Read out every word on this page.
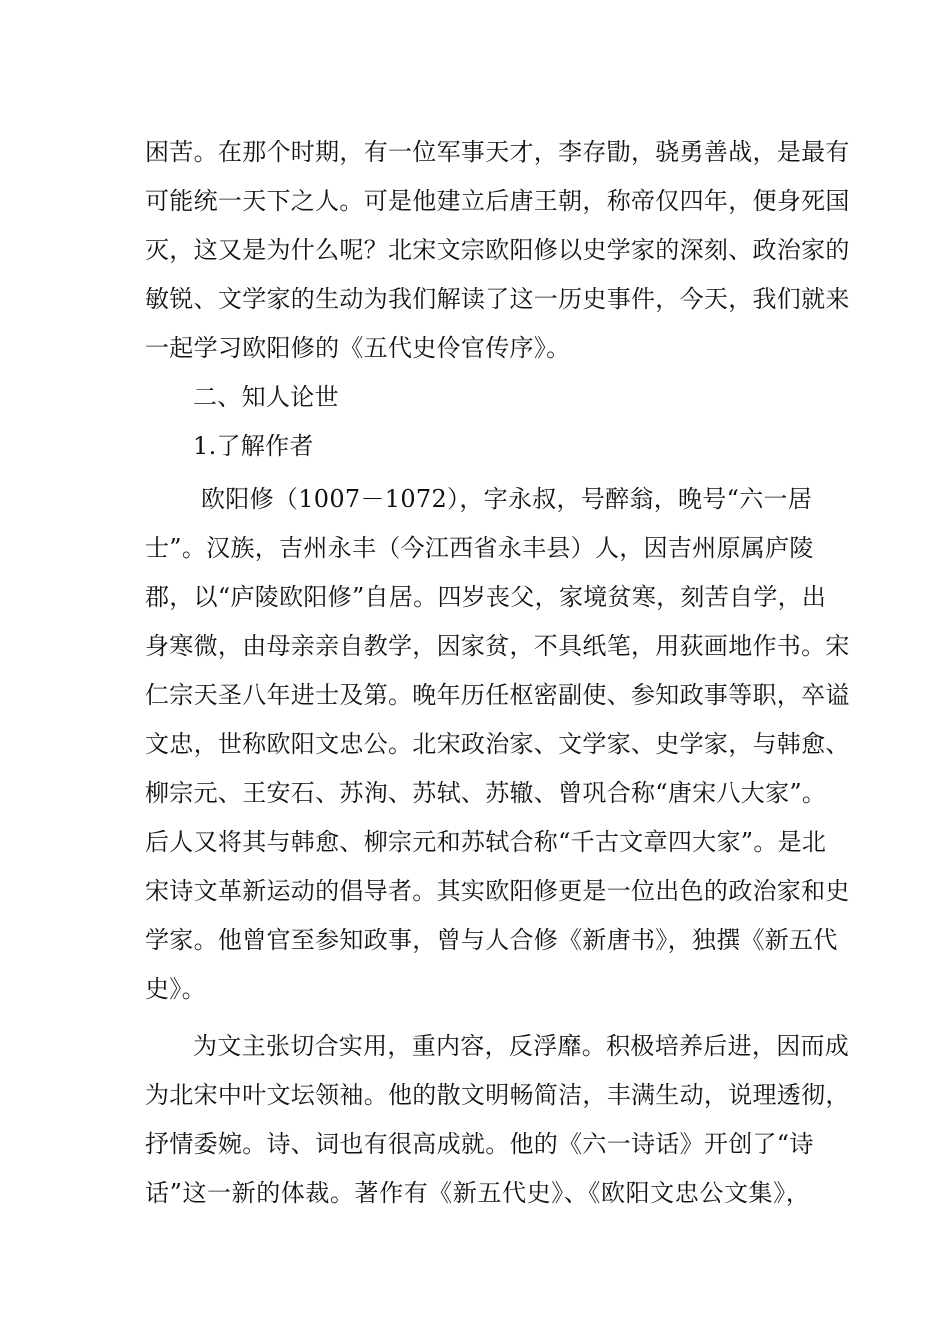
困苦。在那个时期，有一位军事天才，李存勖，骁勇善战，是最有
可能统一天下之人。可是他建立后唐王朝，称帝仅四年，便身死国
灭，这又是为什么呢？北宋文宗欧阳修以史学家的深刻、政治家的
敏锐、文学家的生动为我们解读了这一历史事件，今天，我们就来
一起学习欧阳修的《五代史伶官传序》。
二、知人论世
1.了解作者
欧阳修（1007－1072），字永叔，号醉翁，晚号“六一居
士”。汉族，吉州永丰（今江西省永丰县）人，因吉州原属庐陵
郡，以“庐陵欧阳修”自居。四岁丧父，家境贫寒，刻苦自学，出
身寒微，由母亲亲自教学，因家贫，不具纸笔，用荻画地作书。宋
仁宗天圣八年进士及第。晚年历任枢密副使、参知政事等职，卒谥
文忠，世称欧阳文忠公。北宋政治家、文学家、史学家，与韩愈、
柳宗元、王安石、苏洵、苏轼、苏辙、曾巩合称“唐宋八大家”。
后人又将其与韩愈、柳宗元和苏轼合称“千古文章四大家”。是北
宋诗文革新运动的倡导者。其实欧阳修更是一位出色的政治家和史
学家。他曾官至参知政事，曾与人合修《新唐书》，独撰《新五代
史》。
为文主张切合实用，重内容，反浮靡。积极培养后进，因而成
为北宋中叶文坛领袖。他的散文明畅简洁，丰满生动，说理透彻，
抒情委婉。诗、词也有很高成就。他的《六一诗话》开创了“诗
话”这一新的体裁。著作有《新五代史》、《欧阳文忠公文集》，
